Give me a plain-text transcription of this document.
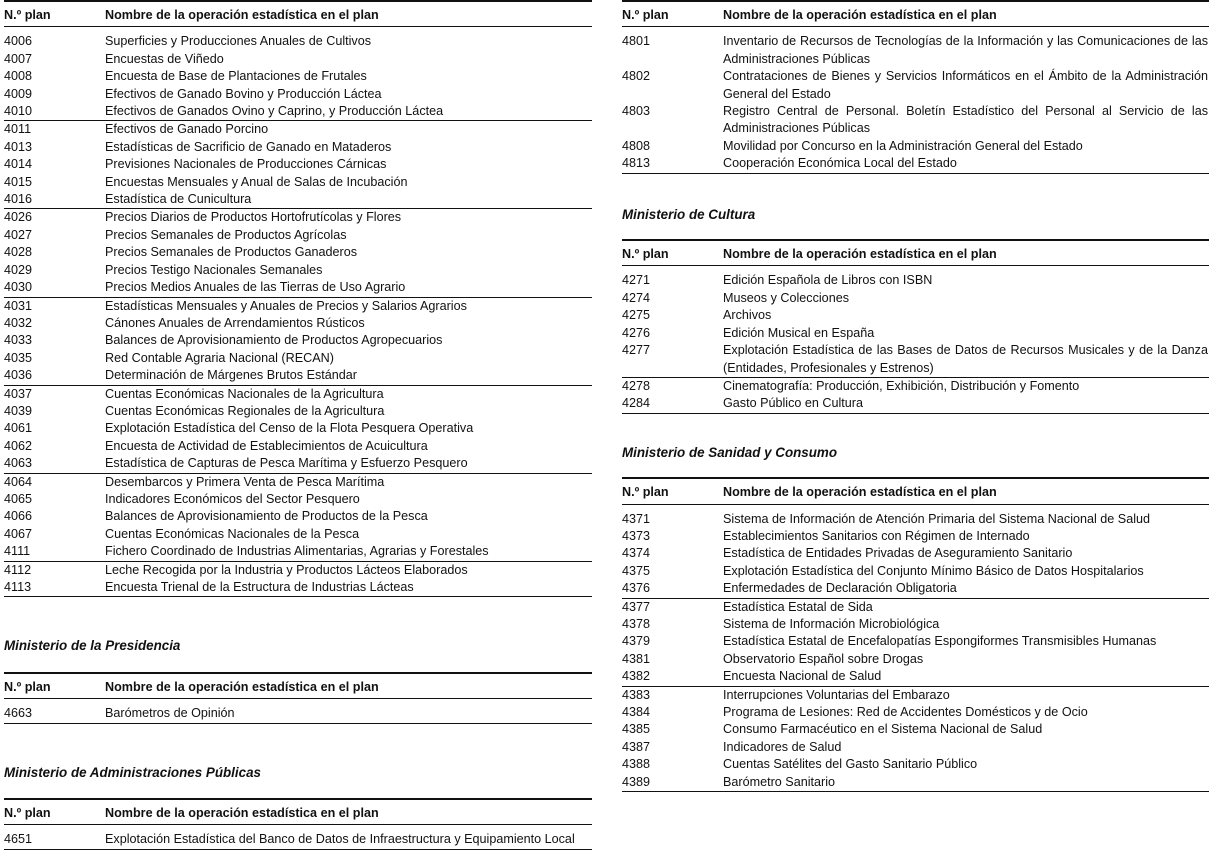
N.º plan	Nombre de la operación estadística en el plan
4006	Superficies y Producciones Anuales de Cultivos
4007	Encuestas de Viñedo
4008	Encuesta de Base de Plantaciones de Frutales
4009	Efectivos de Ganado Bovino y Producción Láctea
4010	Efectivos de Ganados Ovino y Caprino, y Producción Láctea
4011	Efectivos de Ganado Porcino
4013	Estadísticas de Sacrificio de Ganado en Mataderos
4014	Previsiones Nacionales de Producciones Cárnicas
4015	Encuestas Mensuales y Anual de Salas de Incubación
4016	Estadística de Cunicultura
4026	Precios Diarios de Productos Hortofrutícolas y Flores
4027	Precios Semanales de Productos Agrícolas
4028	Precios Semanales de Productos Ganaderos
4029	Precios Testigo Nacionales Semanales
4030	Precios Medios Anuales de las Tierras de Uso Agrario
4031	Estadísticas Mensuales y Anuales de Precios y Salarios Agrarios
4032	Cánones Anuales de Arrendamientos Rústicos
4033	Balances de Aprovisionamiento de Productos Agropecuarios
4035	Red Contable Agraria Nacional (RECAN)
4036	Determinación de Márgenes Brutos Estándar
4037	Cuentas Económicas Nacionales de la Agricultura
4039	Cuentas Económicas Regionales de la Agricultura
4061	Explotación Estadística del Censo de la Flota Pesquera Operativa
4062	Encuesta de Actividad de Establecimientos de Acuicultura
4063	Estadística de Capturas de Pesca Marítima y Esfuerzo Pesquero
4064	Desembarcos y Primera Venta de Pesca Marítima
4065	Indicadores Económicos del Sector Pesquero
4066	Balances de Aprovisionamiento de Productos de la Pesca
4067	Cuentas Económicas Nacionales de la Pesca
4111	Fichero Coordinado de Industrias Alimentarias, Agrarias y Forestales
4112	Leche Recogida por la Industria y Productos Lácteos Elaborados
4113	Encuesta Trienal de la Estructura de Industrias Lácteas
Ministerio de la Presidencia
N.º plan	Nombre de la operación estadística en el plan
4663	Barómetros de Opinión
Ministerio de Administraciones Públicas
N.º plan	Nombre de la operación estadística en el plan
4651	Explotación Estadística del Banco de Datos de Infraestructura y Equipamiento Local
N.º plan	Nombre de la operación estadística en el plan
4801	Inventario de Recursos de Tecnologías de la Información y las Comunicaciones de las Administraciones Públicas
4802	Contrataciones de Bienes y Servicios Informáticos en el Ámbito de la Administración General del Estado
4803	Registro Central de Personal. Boletín Estadístico del Personal al Servicio de las Administraciones Públicas
4808	Movilidad por Concurso en la Administración General del Estado
4813	Cooperación Económica Local del Estado
Ministerio de Cultura
N.º plan	Nombre de la operación estadística en el plan
4271	Edición Española de Libros con ISBN
4274	Museos y Colecciones
4275	Archivos
4276	Edición Musical en España
4277	Explotación Estadística de las Bases de Datos de Recursos Musicales y de la Danza (Entidades, Profesionales y Estrenos)
4278	Cinematografía: Producción, Exhibición, Distribución y Fomento
4284	Gasto Público en Cultura
Ministerio de Sanidad y Consumo
N.º plan	Nombre de la operación estadística en el plan
4371	Sistema de Información de Atención Primaria del Sistema Nacional de Salud
4373	Establecimientos Sanitarios con Régimen de Internado
4374	Estadística de Entidades Privadas de Aseguramiento Sanitario
4375	Explotación Estadística del Conjunto Mínimo Básico de Datos Hospitalarios
4376	Enfermedades de Declaración Obligatoria
4377	Estadística Estatal de Sida
4378	Sistema de Información Microbiológica
4379	Estadística Estatal de Encefalopatías Espongiformes Transmisibles Humanas
4381	Observatorio Español sobre Drogas
4382	Encuesta Nacional de Salud
4383	Interrupciones Voluntarias del Embarazo
4384	Programa de Lesiones: Red de Accidentes Domésticos y de Ocio
4385	Consumo Farmacéutico en el Sistema Nacional de Salud
4387	Indicadores de Salud
4388	Cuentas Satélites del Gasto Sanitario Público
4389	Barómetro Sanitario
